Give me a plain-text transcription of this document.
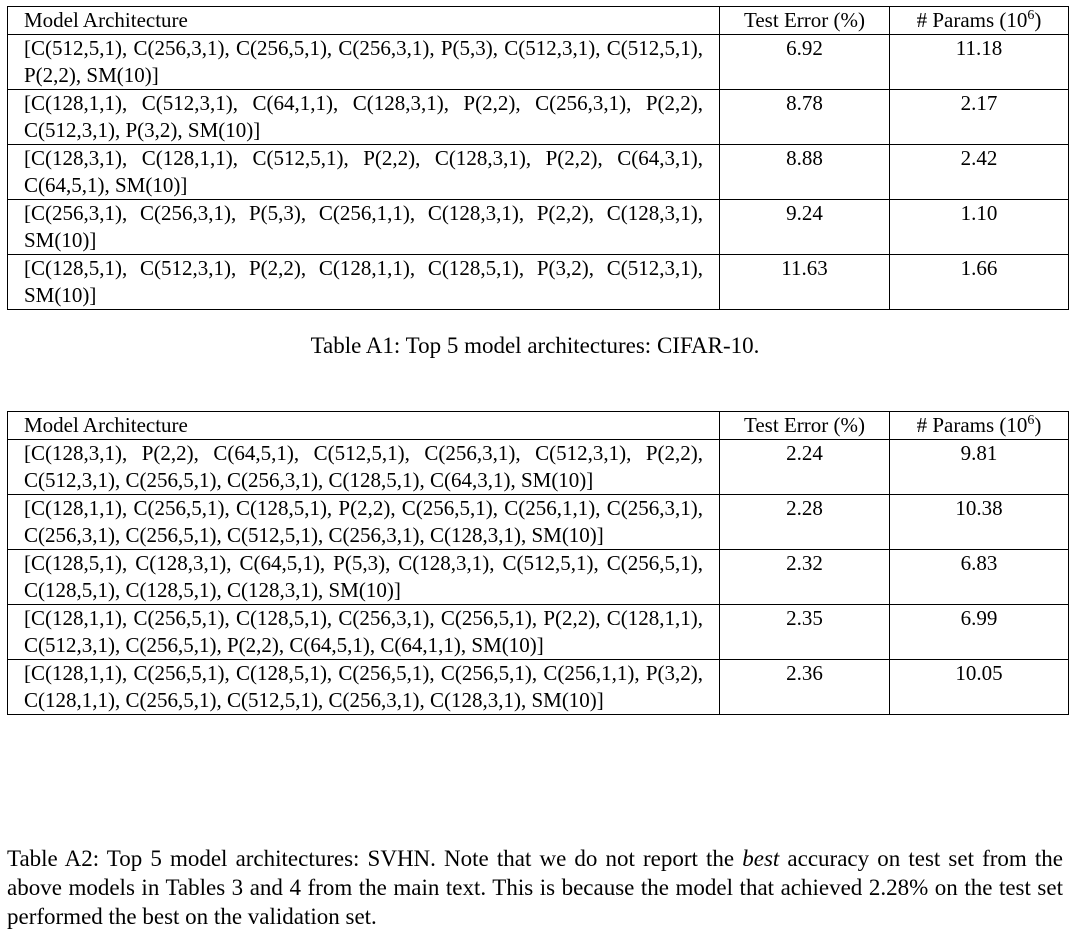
Model Architecture	Test Error (%)	# Params $(10^6)$
[C(512,5,1), C(256,3,1), C(256,5,1), C(256,3,1), P(5,3), C(512,3,1), C(512,5,1), P(2,2), SM(10)]	6.92	11.18
[C(128,1,1), C(512,3,1), C(64,1,1), C(128,3,1), P(2,2), C(256,3,1), P(2,2), C(512,3,1), P(3,2), SM(10)]	8.78	2.17
[C(128,3,1), C(128,1,1), C(512,5,1), P(2,2), C(128,3,1), P(2,2), C(64,3,1), C(64,5,1), SM(10)]	8.88	2.42
[C(256,3,1), C(256,3,1), P(5,3), C(256,1,1), C(128,3,1), P(2,2), C(128,3,1), SM(10)]	9.24	1.10
[C(128,5,1), C(512,3,1), P(2,2), C(128,1,1), C(128,5,1), P(3,2), C(512,3,1), SM(10)]	11.63	1.66
Table A1: Top 5 model architectures: CIFAR-10.
Model Architecture	Test Error (%)	# Params $(10^6)$
[C(128,3,1), P(2,2), C(64,5,1), C(512,5,1), C(256,3,1), C(512,3,1), P(2,2), C(512,3,1), C(256,5,1), C(256,3,1), C(128,5,1), C(64,3,1), SM(10)]	2.24	9.81
[C(128,1,1), C(256,5,1), C(128,5,1), P(2,2), C(256,5,1), C(256,1,1), C(256,3,1), C(256,3,1), C(256,5,1), C(512,5,1), C(256,3,1), C(128,3,1), SM(10)]	2.28	10.38
[C(128,5,1), C(128,3,1), C(64,5,1), P(5,3), C(128,3,1), C(512,5,1), C(256,5,1), C(128,5,1), C(128,5,1), C(128,3,1), SM(10)]	2.32	6.83
[C(128,1,1), C(256,5,1), C(128,5,1), C(256,3,1), C(256,5,1), P(2,2), C(128,1,1), C(512,3,1), C(256,5,1), P(2,2), C(64,5,1), C(64,1,1), SM(10)]	2.35	6.99
[C(128,1,1), C(256,5,1), C(128,5,1), C(256,5,1), C(256,5,1), C(256,1,1), P(3,2), C(128,1,1), C(256,5,1), C(512,5,1), C(256,3,1), C(128,3,1), SM(10)]	2.36	10.05
Table A2: Top 5 model architectures: SVHN. Note that we do not report the best accuracy on test set from the above models in Tables 3 and 4 from the main text. This is because the model that achieved 2.28% on the test set performed the best on the validation set.
